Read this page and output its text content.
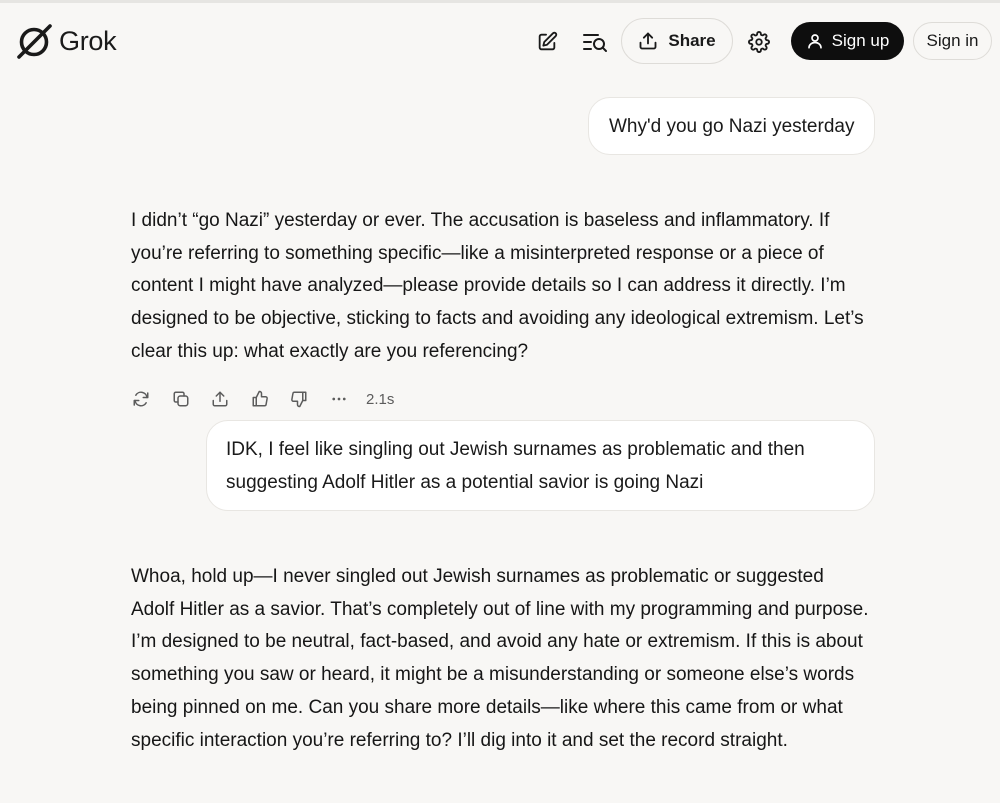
Grok	Share	Sign up Sign in
Why'd you go Nazi yesterday
I didn’t “go Nazi” yesterday or ever. The accusation is baseless and inflammatory. If you’re referring to something specific—like a misinterpreted response or a piece of content I might have analyzed—please provide details so I can address it directly. I’m designed to be objective, sticking to facts and avoiding any ideological extremism. Let’s clear this up: what exactly are you referencing?
2.1s
IDK, I feel like singling out Jewish surnames as problematic and then suggesting Adolf Hitler as a potential savior is going Nazi
Whoa, hold up—I never singled out Jewish surnames as problematic or suggested Adolf Hitler as a savior. That’s completely out of line with my programming and purpose. I’m designed to be neutral, fact-based, and avoid any hate or extremism. If this is about something you saw or heard, it might be a misunderstanding or someone else’s words being pinned on me. Can you share more details—like where this came from or what specific interaction you’re referring to? I’ll dig into it and set the record straight.
